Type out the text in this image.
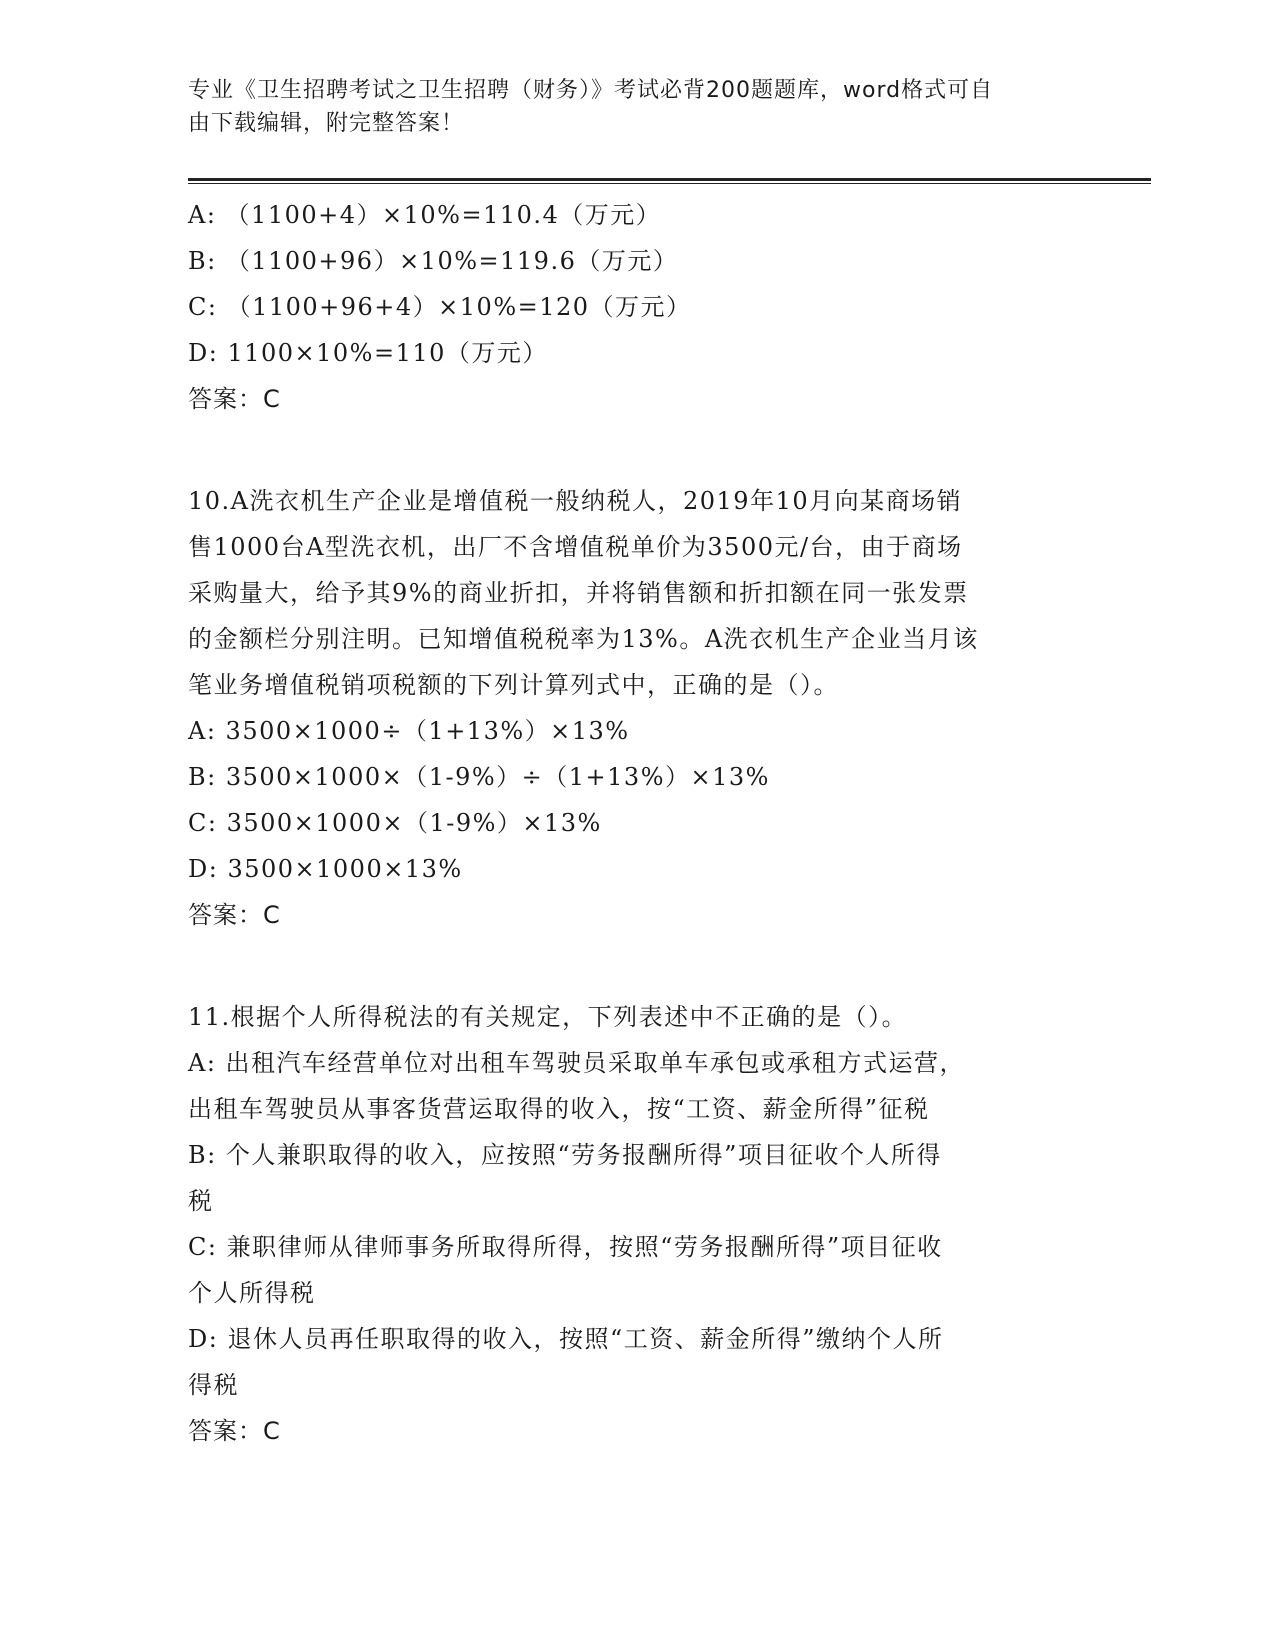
专业《卫生招聘考试之卫生招聘（财务）》考试必背200题题库，word格式可自
由下载编辑，附完整答案！
A: （1100+4）×10%=110.4（万元）
B: （1100+96）×10%=119.6（万元）
C: （1100+96+4）×10%=120（万元）
D: 1100×10%=110（万元）
答案：C
10.A洗衣机生产企业是增值税一般纳税人，2019年10月向某商场销
售1000台A型洗衣机，出厂不含增值税单价为3500元/台，由于商场
采购量大，给予其9%的商业折扣，并将销售额和折扣额在同一张发票
的金额栏分别注明。已知增值税税率为13%。A洗衣机生产企业当月该
笔业务增值税销项税额的下列计算列式中，正确的是（）。
A: 3500×1000÷（1+13%）×13%
B: 3500×1000×（1-9%）÷（1+13%）×13%
C: 3500×1000×（1-9%）×13%
D: 3500×1000×13%
答案：C
11.根据个人所得税法的有关规定，下列表述中不正确的是（）。
A: 出租汽车经营单位对出租车驾驶员采取单车承包或承租方式运营，
出租车驾驶员从事客货营运取得的收入，按“工资、薪金所得”征税
B: 个人兼职取得的收入，应按照“劳务报酬所得”项目征收个人所得
税
C: 兼职律师从律师事务所取得所得，按照“劳务报酬所得”项目征收
个人所得税
D: 退休人员再任职取得的收入，按照“工资、薪金所得”缴纳个人所
得税
答案：C
